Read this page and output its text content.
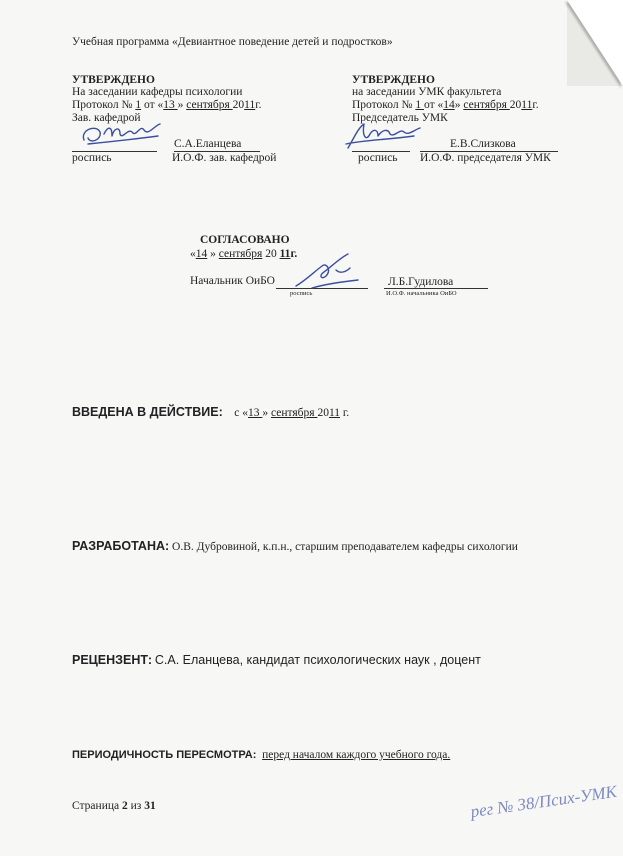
Учебная программа «Девиантное поведение детей и подростков»
УТВЕРЖДЕНО
На заседании кафедры психологии
Протокол № 1 от «13 » сентября 2011г.
Зав. кафедрой
С.А.Еланцева
роспись	И.О.Ф. зав. кафедрой
УТВЕРЖДЕНО
на заседании УМК факультета
Протокол № 1 от «14» сентября 2011г.
Председатель УМК
Е.В.Слизкова
роспись И.О.Ф. председателя УМК
СОГЛАСОВАНО
«14 » сентября 20 11г.
Начальник ОиБО	Л.Б.Гудилова
роспись	И.О.Ф. начальника ОиБО
ВВЕДЕНА В ДЕЙСТВИЕ: с «13 » сентября 2011 г.
РАЗРАБОТАНА: О.В. Дубровиной, к.п.н., старшим преподавателем кафедры сихологии
РЕЦЕНЗЕНТ: С.А. Еланцева, кандидат психологических наук , доцент
ПЕРИОДИЧНОСТЬ ПЕРЕСМОТРА: перед началом каждого учебного года.
Страница 2 из 31	рег № 38/Псих-УМК
